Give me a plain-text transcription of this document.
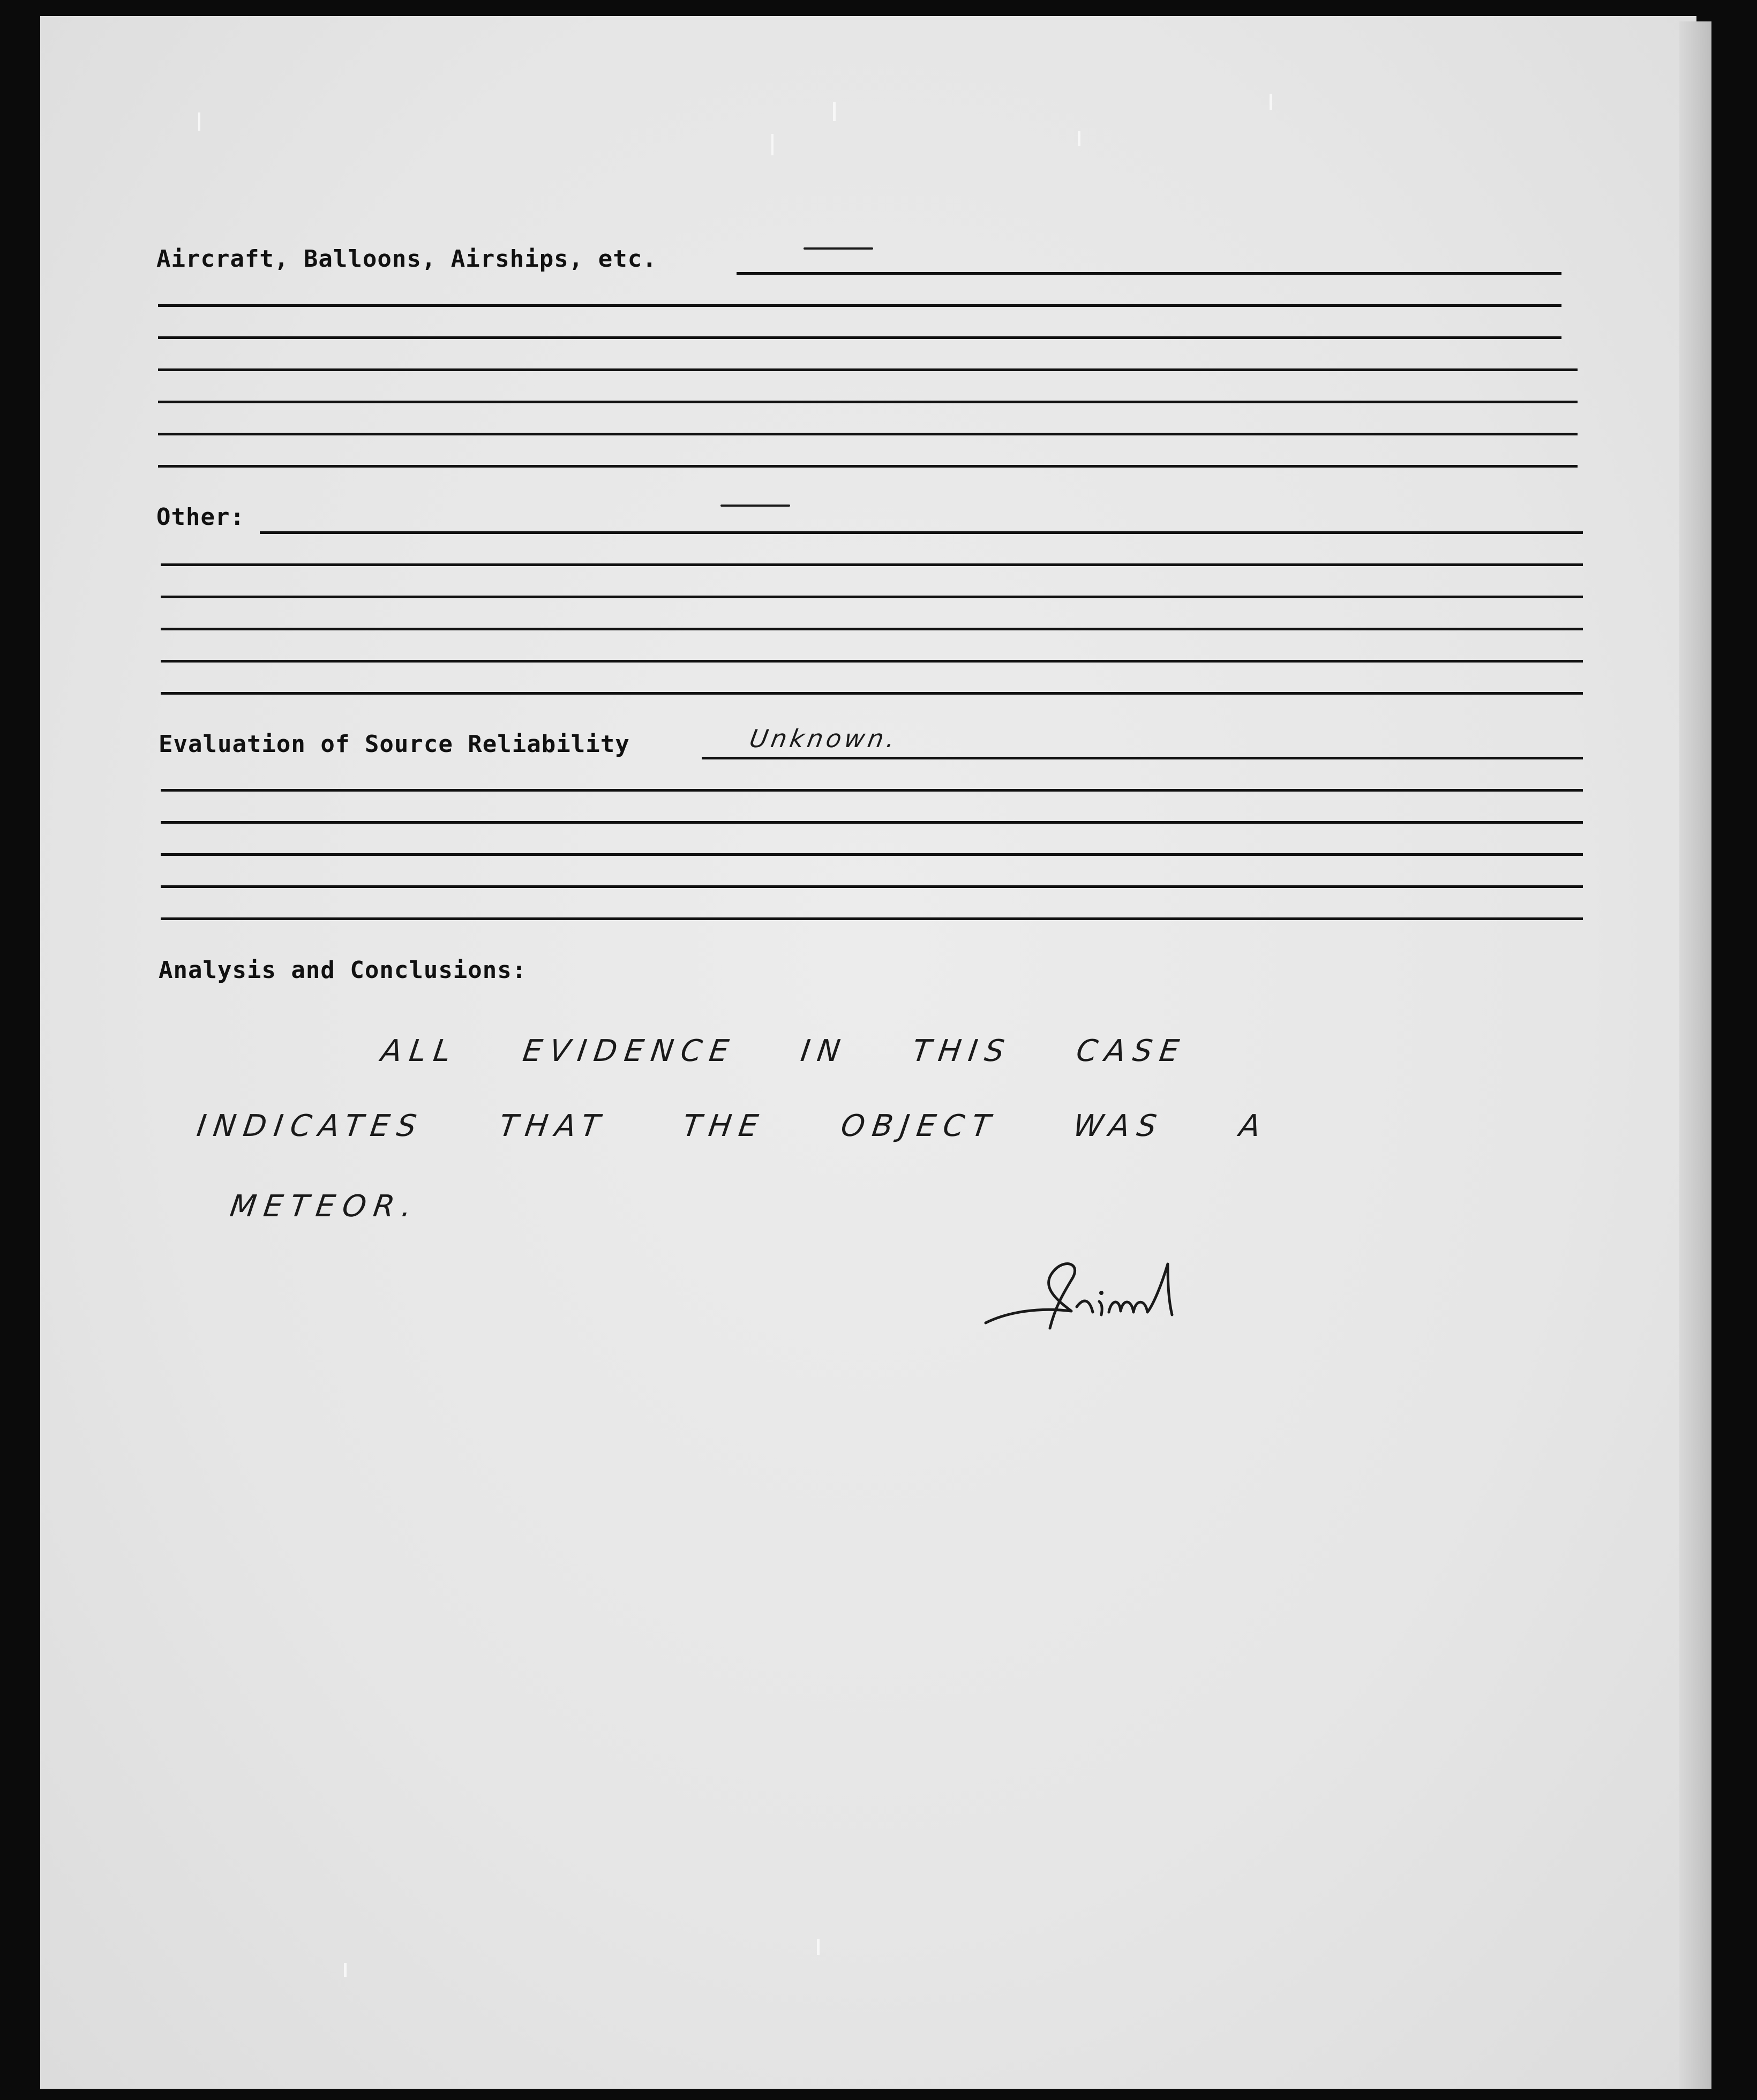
Aircraft, Balloons, Airships, etc.
Other:
Evaluation of Source Reliability	Unknown.
Analysis and Conclusions:
ALL EVIDENCE IN THIS CASE
INDICATES THAT THE OBJECT WAS A
METEOR.
